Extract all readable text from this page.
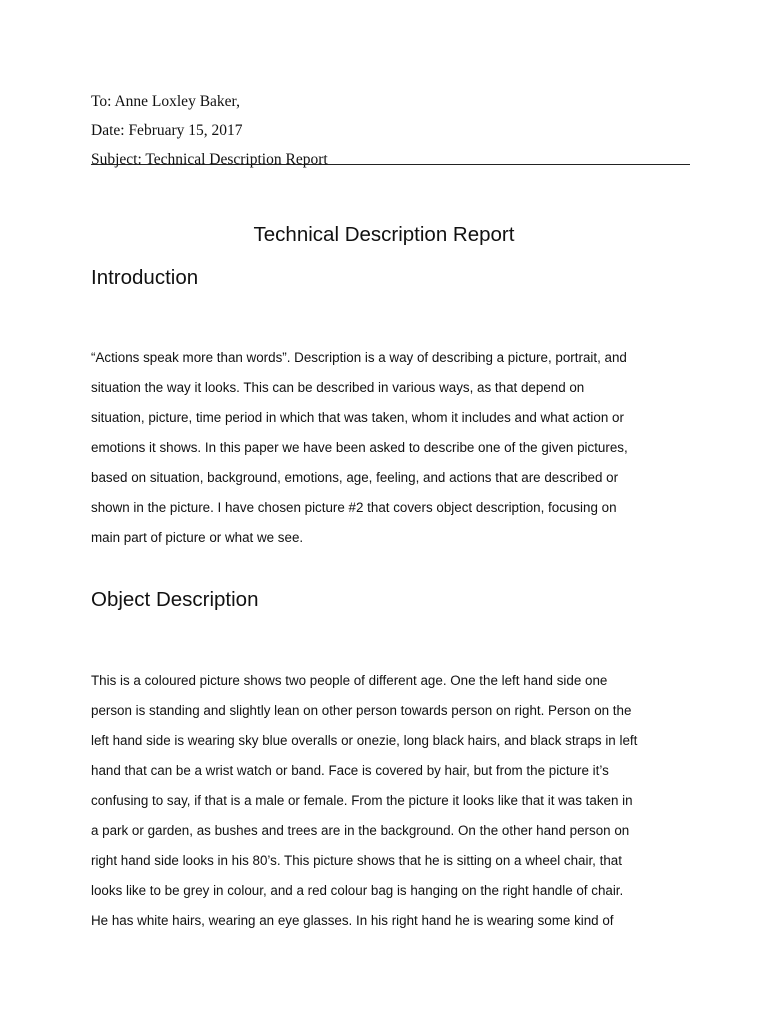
To: Anne Loxley Baker,
Date: February 15, 2017
Subject: Technical Description Report
Technical Description Report
Introduction
“Actions speak more than words”. Description is a way of describing a picture, portrait, and
situation the way it looks. This can be described in various ways, as that depend on
situation, picture, time period in which that was taken, whom it includes and what action or
emotions it shows. In this paper we have been asked to describe one of the given pictures,
based on situation, background, emotions, age, feeling, and actions that are described or
shown in the picture. I have chosen picture #2 that covers object description, focusing on
main part of picture or what we see.
Object Description
This is a coloured picture shows two people of different age. One the left hand side one
person is standing and slightly lean on other person towards person on right. Person on the
left hand side is wearing sky blue overalls or onezie, long black hairs, and black straps in left
hand that can be a wrist watch or band. Face is covered by hair, but from the picture it’s
confusing to say, if that is a male or female. From the picture it looks like that it was taken in
a park or garden, as bushes and trees are in the background. On the other hand person on
right hand side looks in his 80’s. This picture shows that he is sitting on a wheel chair, that
looks like to be grey in colour, and a red colour bag is hanging on the right handle of chair.
He has white hairs, wearing an eye glasses. In his right hand he is wearing some kind of
